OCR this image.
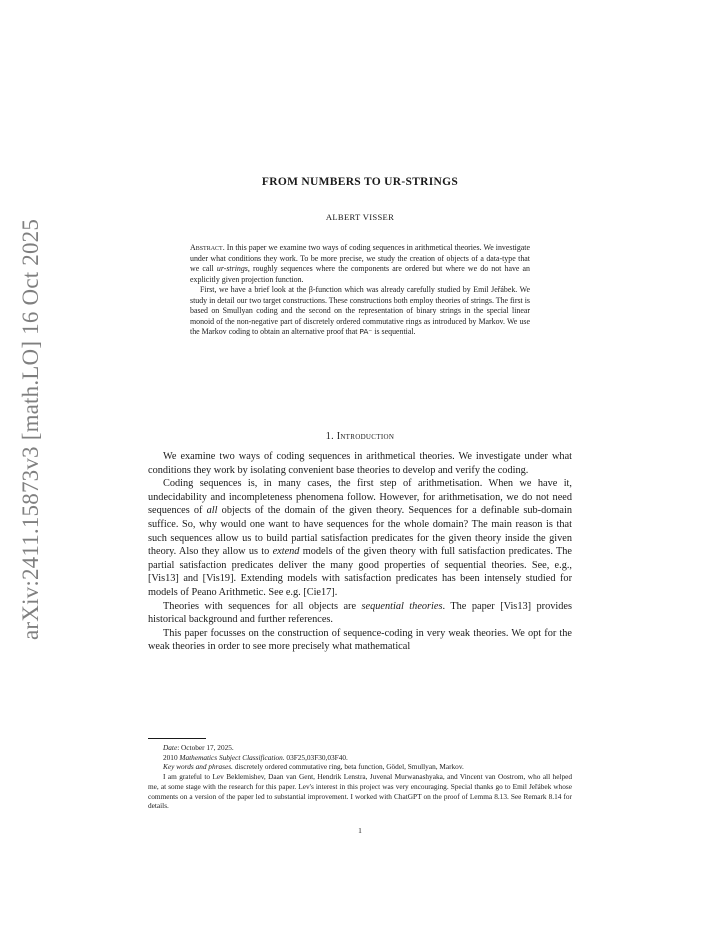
arXiv:2411.15873v3 [math.LO] 16 Oct 2025
FROM NUMBERS TO UR-STRINGS
ALBERT VISSER

Abstract. In this paper we examine two ways of coding sequences in arithmetical theories. We investigate under what conditions they work. To be more precise, we study the creation of objects of a data-type that we call ur-strings, roughly sequences where the components are ordered but where we do not have an explicitly given projection function.

First, we have a brief look at the β-function which was already carefully studied by Emil Jeřábek. We study in detail our two target constructions. These constructions both employ theories of strings. The first is based on Smullyan coding and the second on the representation of binary strings in the special linear monoid of the non-negative part of discretely ordered commutative rings as introduced by Markov. We use the Markov coding to obtain an alternative proof that PA⁻ is sequential.

1. Introduction

We examine two ways of coding sequences in arithmetical theories. We investigate under what conditions they work by isolating convenient base theories to develop and verify the coding.

Coding sequences is, in many cases, the first step of arithmetisation. When we have it, undecidability and incompleteness phenomena follow. However, for arithmetisation, we do not need sequences of all objects of the domain of the given theory. Sequences for a definable sub-domain suffice. So, why would one want to have sequences for the whole domain? The main reason is that such sequences allow us to build partial satisfaction predicates for the given theory inside the given theory. Also they allow us to extend models of the given theory with full satisfaction predicates. The partial satisfaction predicates deliver the many good properties of sequential theories. See, e.g., [Vis13] and [Vis19]. Extending models with satisfaction predicates has been intensely studied for models of Peano Arithmetic. See e.g. [Cie17].

Theories with sequences for all objects are sequential theories. The paper [Vis13] provides historical background and further references.

This paper focusses on the construction of sequence-coding in very weak theories. We opt for the weak theories in order to see more precisely what mathematical

Date: October 17, 2025.

2010 Mathematics Subject Classification. 03F25,03F30,03F40.

Key words and phrases. discretely ordered commutative ring, beta function, Gödel, Smullyan, Markov.

I am grateful to Lev Beklemishev, Daan van Gent, Hendrik Lenstra, Juvenal Murwanashyaka, and Vincent van Oostrom, who all helped me, at some stage with the research for this paper. Lev's interest in this project was very encouraging. Special thanks go to Emil Jeřábek whose comments on a version of the paper led to substantial improvement. I worked with ChatGPT on the proof of Lemma 8.13. See Remark 8.14 for details.

1
